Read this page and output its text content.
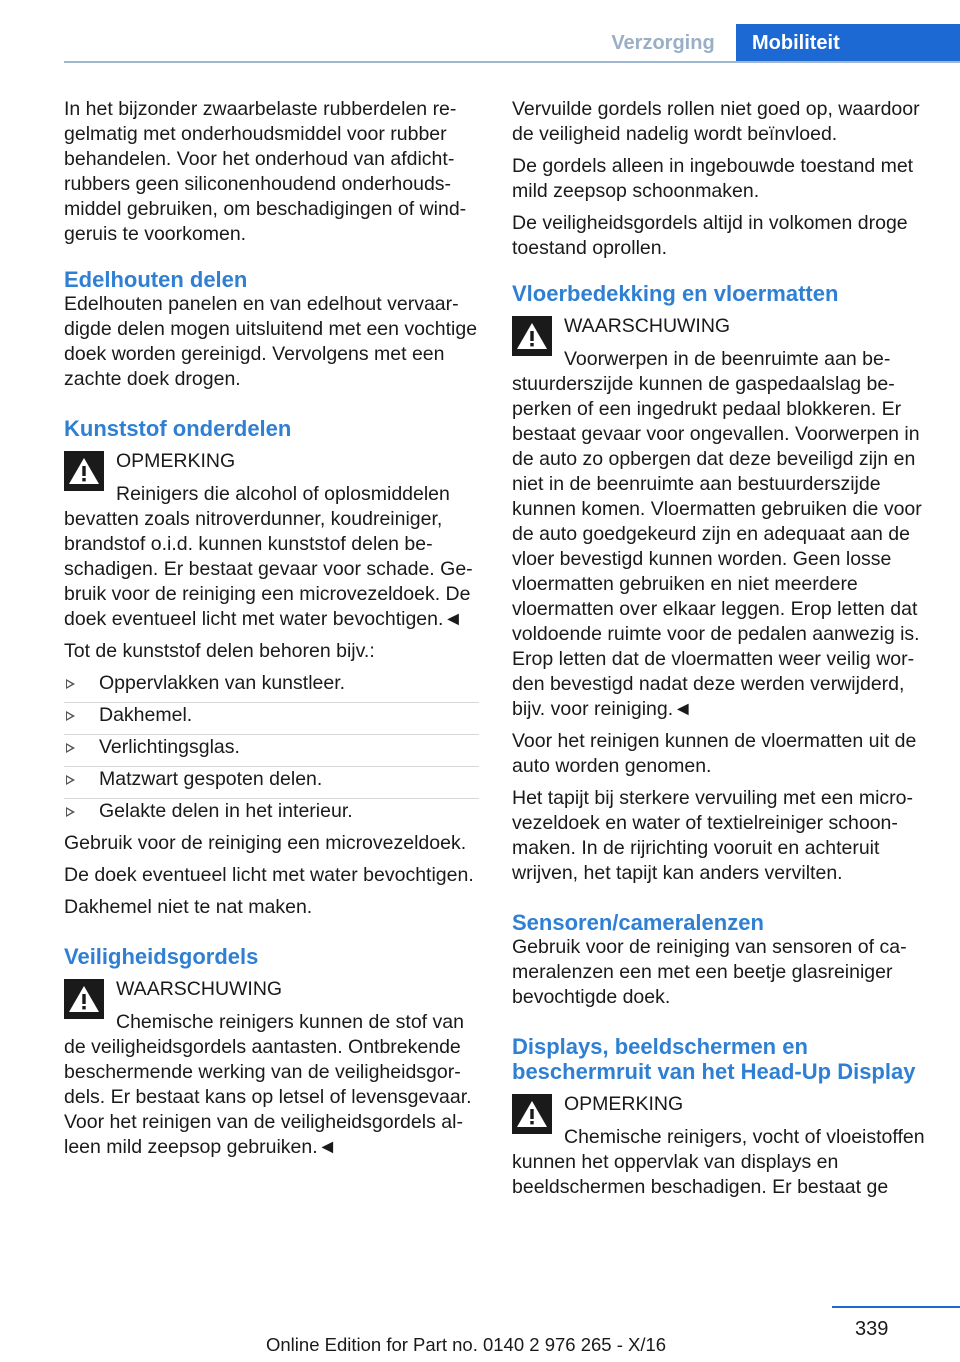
Verzorging	Mobiliteit

In het bijzonder zwaarbelaste rubberdelen regelmatig met onderhoudsmiddel voor rubber behandelen. Voor het onderhoud van afdichtrubbers geen siliconenhoudend onderhoudsmiddel gebruiken, om beschadigingen of windgeruis te voorkomen.

Edelhouten delen

Edelhouten panelen en van edelhout vervaardigde delen mogen uitsluitend met een vochtige doek worden gereinigd. Vervolgens met een zachte doek drogen.

Kunststof onderdelen
OPMERKING
Reinigers die alcohol of oplosmiddelen bevatten zoals nitroverdunner, koudreiniger, brandstof o.i.d. kunnen kunststof delen beschadigen. Er bestaat gevaar voor schade. Gebruik voor de reiniging een microvezeldoek. De doek eventueel licht met water bevochtigen.◄

Tot de kunststof delen behoren bijv.:

Oppervlakken van kunstleer.
Dakhemel.
Verlichtingsglas.
Matzwart gespoten delen.
Gelakte delen in het interieur.

Gebruik voor de reiniging een microvezeldoek.

De doek eventueel licht met water bevochtigen.

Dakhemel niet te nat maken.

Veiligheidsgordels
WAARSCHUWING
Chemische reinigers kunnen de stof van de veiligheidsgordels aantasten. Ontbrekende beschermende werking van de veiligheidsgordels. Er bestaat kans op letsel of levensgevaar. Voor het reinigen van de veiligheidsgordels alleen mild zeepsop gebruiken.◄

Vervuilde gordels rollen niet goed op, waardoor de veiligheid nadelig wordt beïnvloed.

De gordels alleen in ingebouwde toestand met mild zeepsop schoonmaken.

De veiligheidsgordels altijd in volkomen droge toestand oprollen.

Vloerbedekking en vloermatten
WAARSCHUWING
Voorwerpen in de beenruimte aan bestuurderszijde kunnen de gaspedaalslag beperken of een ingedrukt pedaal blokkeren. Er bestaat gevaar voor ongevallen. Voorwerpen in de auto zo opbergen dat deze beveiligd zijn en niet in de beenruimte aan bestuurderszijde kunnen komen. Vloermatten gebruiken die voor de auto goedgekeurd zijn en adequaat aan de vloer bevestigd kunnen worden. Geen losse vloermatten gebruiken en niet meerdere vloermatten over elkaar leggen. Erop letten dat voldoende ruimte voor de pedalen aanwezig is. Erop letten dat de vloermatten weer veilig worden bevestigd nadat deze werden verwijderd, bijv. voor reiniging.◄

Voor het reinigen kunnen de vloermatten uit de auto worden genomen.

Het tapijt bij sterkere vervuiling met een microvezeldoek en water of textielreiniger schoonmaken. In de rijrichting vooruit en achteruit wrijven, het tapijt kan anders vervilten.

Sensoren/cameralenzen

Gebruik voor de reiniging van sensoren of cameralenzen een met een beetje glasreiniger bevochtigde doek.

Displays, beeldschermen en beschermruit van het Head-Up Display
OPMERKING
Chemische reinigers, vocht of vloeistoffen kunnen het oppervlak van displays en beeldschermen beschadigen. Er bestaat ge
339
Online Edition for Part no. 0140 2 976 265 - X/16
